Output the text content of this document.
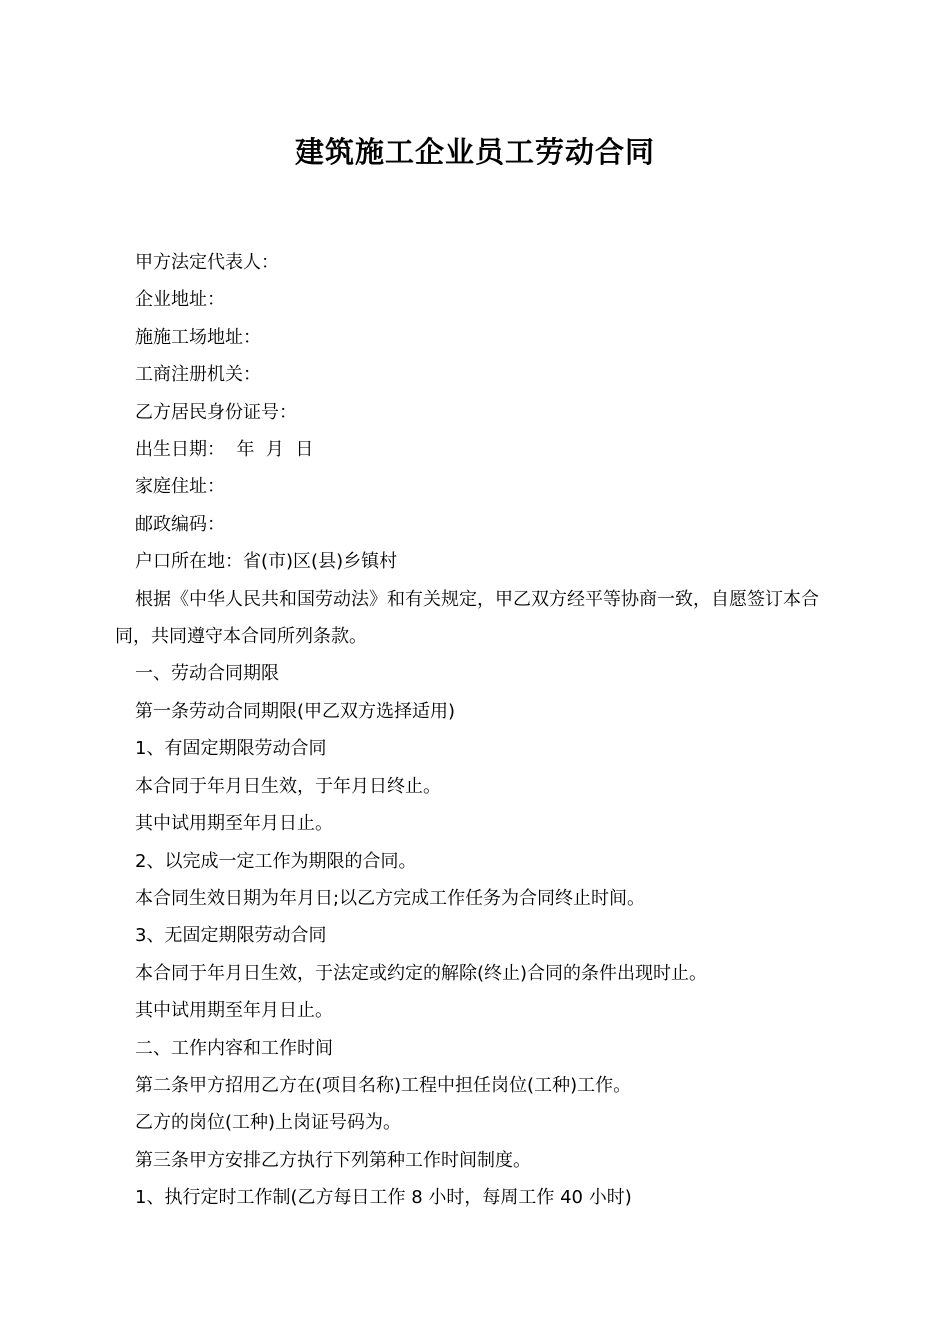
建筑施工企业员工劳动合同

甲方法定代表人：

企业地址：

施施工场地址：

工商注册机关：

乙方居民身份证号：

出生日期：  年  月  日

家庭住址：

邮政编码：

户口所在地：省(市)区(县)乡镇村

根据《中华人民共和国劳动法》和有关规定，甲乙双方经平等协商一致，自愿签订本合同，共同遵守本合同所列条款。

一、劳动合同期限

第一条劳动合同期限(甲乙双方选择适用)

1、有固定期限劳动合同

本合同于年月日生效，于年月日终止。

其中试用期至年月日止。

2、以完成一定工作为期限的合同。

本合同生效日期为年月日;以乙方完成工作任务为合同终止时间。

3、无固定期限劳动合同

本合同于年月日生效，于法定或约定的解除(终止)合同的条件出现时止。

其中试用期至年月日止。

二、工作内容和工作时间

第二条甲方招用乙方在(项目名称)工程中担任岗位(工种)工作。

乙方的岗位(工种)上岗证号码为。

第三条甲方安排乙方执行下列第种工作时间制度。

1、执行定时工作制(乙方每日工作 8 小时，每周工作 40 小时)
